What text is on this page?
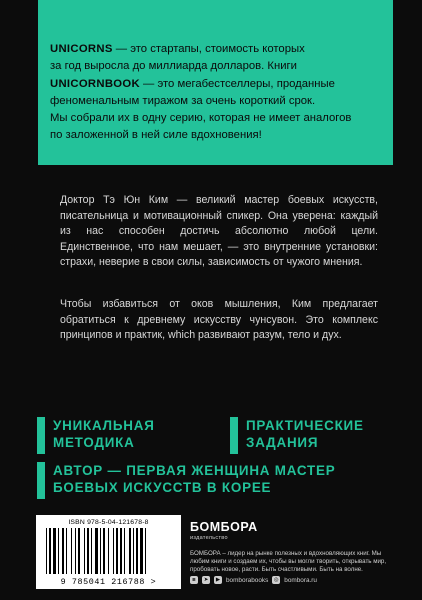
UNICORNS — это стартапы, стоимость которых
за год выросла до миллиарда долларов. Книги
UNICORNBOOK — это мегабестселлеры, проданные
феноменальным тиражом за очень короткий срок.
Мы собрали их в одну серию, которая не имеет аналогов
по заложенной в ней силе вдохновения!
Доктор Тэ Юн Ким — великий мастер боевых искусств, писательница и мотивационный спикер. Она уверена: каждый из нас способен достичь абсолютно любой цели. Единственное, что нам мешает, — это внутренние установки: страхи, неверие в свои силы, зависимость от чужого мнения.
Чтобы избавиться от оков мышления, Ким предлагает обратиться к древнему искусству чунсувон. Это комплекс принципов и практик, which развивают разум, тело и дух.
УНИКАЛЬНАЯ
МЕТОДИКА
ПРАКТИЧЕСКИЕ
ЗАДАНИЯ
АВТОР — ПЕРВАЯ ЖЕНЩИНА МАСТЕР
БОЕВЫХ ИСКУССТВ В КОРЕЕ
ISBN 978-5-04-121678-8
9 785041 216788 >
БОМБОРА
издательство
БОМБОРА – лидер на рынке полезных и вдохновляющих книг. Мы любим книги и создаем их, чтобы вы могли творить, открывать мир, пробовать новое, расти. Быть счастливыми. Быть на волне.
в	➤	▶ bomborabooks ◎ bombora.ru
